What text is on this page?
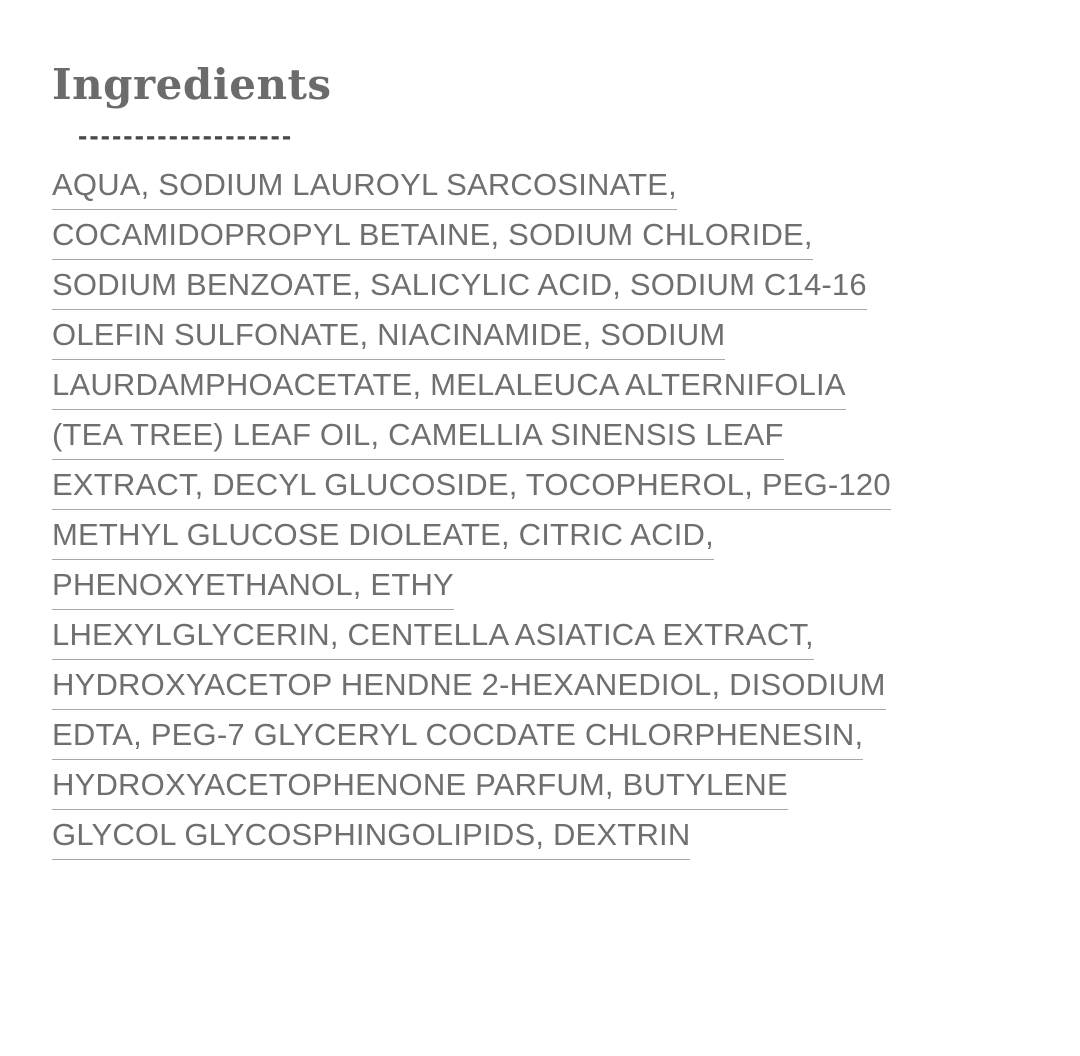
Ingredients
-------------------
AQUA, SODIUM LAUROYL SARCOSINATE,
COCAMIDOPROPYL BETAINE, SODIUM CHLORIDE,
SODIUM BENZOATE, SALICYLIC ACID, SODIUM C14-16
OLEFIN SULFONATE, NIACINAMIDE, SODIUM
LAURDAMPHOACETATE, MELALEUCA ALTERNIFOLIA
(TEA TREE) LEAF OIL, CAMELLIA SINENSIS LEAF
EXTRACT, DECYL GLUCOSIDE, TOCOPHEROL, PEG-120
METHYL GLUCOSE DIOLEATE, CITRIC ACID,
PHENOXYETHANOL, ETHY
LHEXYLGLYCERIN, CENTELLA ASIATICA EXTRACT,
HYDROXYACETOP HENDNE 2-HEXANEDIOL, DISODIUM
EDTA, PEG-7 GLYCERYL COCDATE CHLORPHENESIN,
HYDROXYACETOPHENONE PARFUM, BUTYLENE
GLYCOL GLYCOSPHINGOLIPIDS, DEXTRIN
